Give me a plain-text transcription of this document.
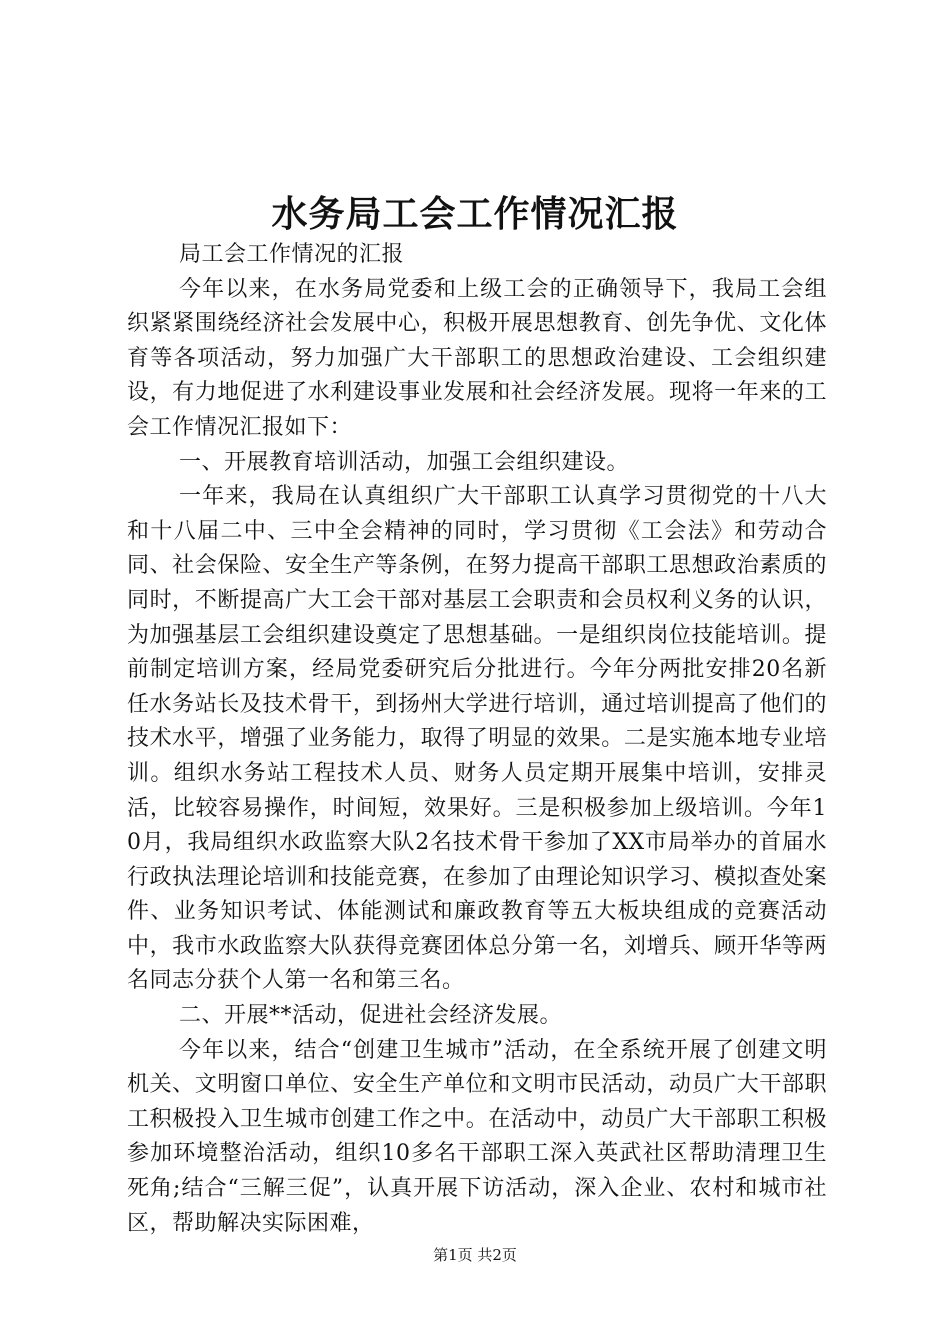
水务局工会工作情况汇报

局工会工作情况的汇报

今年以来，在水务局党委和上级工会的正确领导下，我局工会组织紧紧围绕经济社会发展中心，积极开展思想教育、创先争优、文化体育等各项活动，努力加强广大干部职工的思想政治建设、工会组织建设，有力地促进了水利建设事业发展和社会经济发展。现将一年来的工会工作情况汇报如下：

一、开展教育培训活动，加强工会组织建设。

一年来，我局在认真组织广大干部职工认真学习贯彻党的十八大和十八届二中、三中全会精神的同时，学习贯彻《工会法》和劳动合同、社会保险、安全生产等条例，在努力提高干部职工思想政治素质的同时，不断提高广大工会干部对基层工会职责和会员权利义务的认识，为加强基层工会组织建设奠定了思想基础。一是组织岗位技能培训。提前制定培训方案，经局党委研究后分批进行。今年分两批安排20名新任水务站长及技术骨干，到扬州大学进行培训，通过培训提高了他们的技术水平，增强了业务能力，取得了明显的效果。二是实施本地专业培训。组织水务站工程技术人员、财务人员定期开展集中培训，安排灵活，比较容易操作，时间短，效果好。三是积极参加上级培训。今年10月，我局组织水政监察大队2名技术骨干参加了XX市局举办的首届水行政执法理论培训和技能竞赛，在参加了由理论知识学习、模拟查处案件、业务知识考试、体能测试和廉政教育等五大板块组成的竞赛活动中，我市水政监察大队获得竞赛团体总分第一名，刘增兵、顾开华等两名同志分获个人第一名和第三名。

二、开展**活动，促进社会经济发展。

今年以来，结合“创建卫生城市”活动，在全系统开展了创建文明机关、文明窗口单位、安全生产单位和文明市民活动，动员广大干部职工积极投入卫生城市创建工作之中。在活动中，动员广大干部职工积极参加环境整治活动，组织10多名干部职工深入英武社区帮助清理卫生死角;结合“三解三促”，认真开展下访活动，深入企业、农村和城市社区，帮助解决实际困难，

第1页 共2页
